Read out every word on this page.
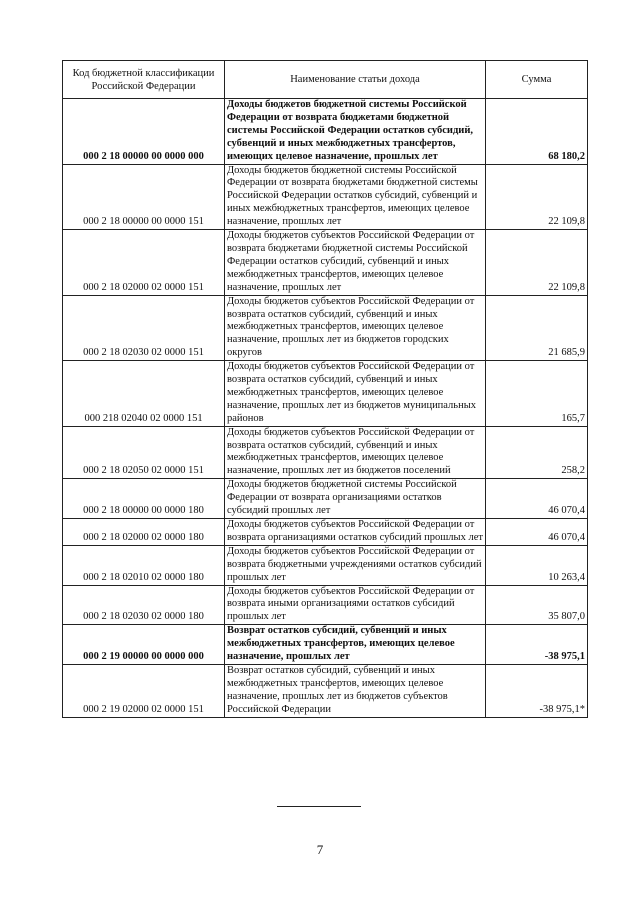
Код бюджетной классификации Российской Федерации	Наименование статьи дохода	Сумма
000 2 18 00000 00 0000 000	Доходы бюджетов бюджетной системы Российской Федерации от возврата бюджетами бюджетной системы Российской Федерации остатков субсидий, субвенций и иных межбюджетных трансфертов, имеющих целевое назначение, прошлых лет	68 180,2
000 2 18 00000 00 0000 151	Доходы бюджетов бюджетной системы Российской Федерации от возврата бюджетами бюджетной системы Российской Федерации остатков субсидий, субвенций и иных межбюджетных трансфертов, имеющих целевое назначение, прошлых лет	22 109,8
000 2 18 02000 02 0000 151	Доходы бюджетов субъектов Российской Федерации от возврата бюджетами бюджетной системы Российской Федерации остатков субсидий, субвенций и иных межбюджетных трансфертов, имеющих целевое назначение, прошлых лет	22 109,8
000 2 18 02030 02 0000 151	Доходы бюджетов субъектов Российской Федерации от возврата остатков субсидий, субвенций и иных межбюджетных трансфертов, имеющих целевое назначение, прошлых лет из бюджетов городских округов	21 685,9
000 218 02040 02 0000 151	Доходы бюджетов субъектов Российской Федерации от возврата остатков субсидий, субвенций и иных межбюджетных трансфертов, имеющих целевое назначение, прошлых лет из бюджетов муниципальных районов	165,7
000 2 18 02050 02 0000 151	Доходы бюджетов субъектов Российской Федерации от возврата остатков субсидий, субвенций и иных межбюджетных трансфертов, имеющих целевое назначение, прошлых лет из бюджетов поселений	258,2
000 2 18 00000 00 0000 180	Доходы бюджетов бюджетной системы Российской Федерации от возврата организациями остатков субсидий прошлых лет	46 070,4
000 2 18 02000 02 0000 180	Доходы бюджетов субъектов Российской Федерации от возврата организациями остатков субсидий прошлых лет	46 070,4
000 2 18 02010 02 0000 180	Доходы бюджетов субъектов Российской Федерации от возврата бюджетными учреждениями остатков субсидий прошлых лет	10 263,4
000 2 18 02030 02 0000 180	Доходы бюджетов субъектов Российской Федерации от возврата иными организациями остатков субсидий прошлых лет	35 807,0
000 2 19 00000 00 0000 000	Возврат остатков субсидий, субвенций и иных межбюджетных трансфертов, имеющих целевое назначение, прошлых лет	-38 975,1
000 2 19 02000 02 0000 151	Возврат остатков субсидий, субвенций и иных межбюджетных трансфертов, имеющих целевое назначение, прошлых лет из бюджетов субъектов Российской Федерации	-38 975,1*
7
